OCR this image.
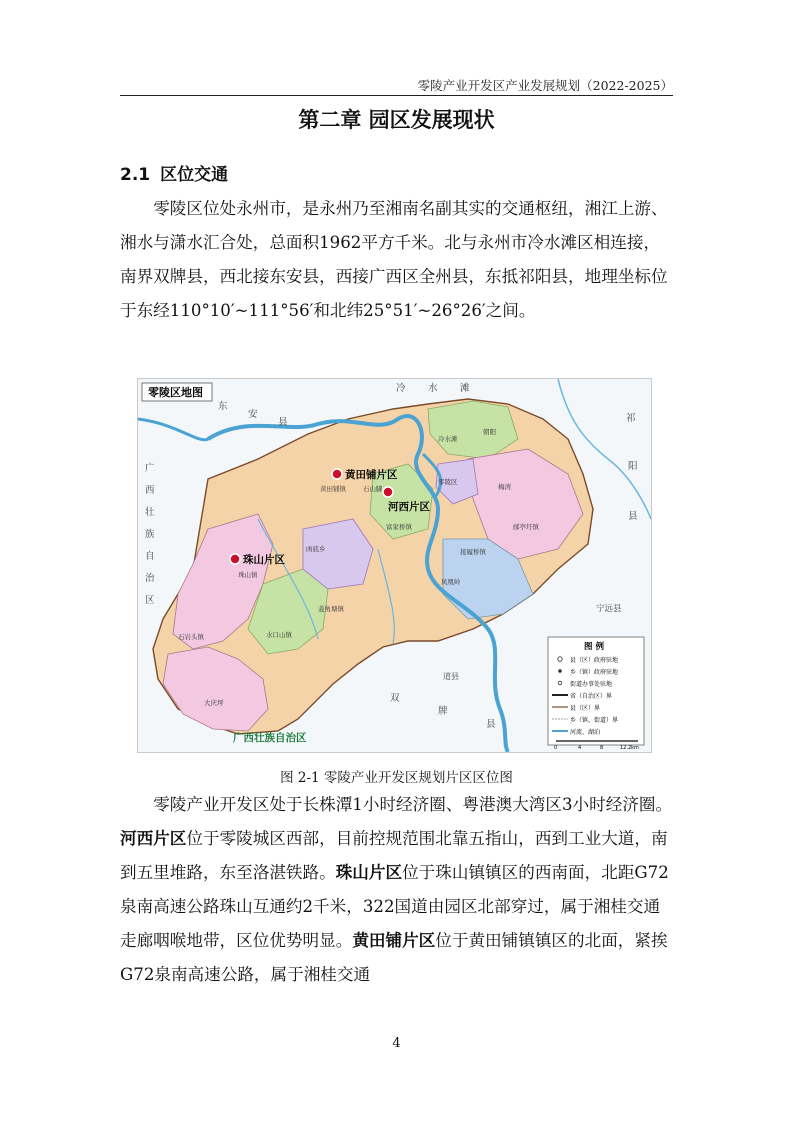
零陵产业开发区产业发展规划（2022-2025）
第二章 园区发展现状
2.1 区位交通

零陵区位处永州市，是永州乃至湘南名副其实的交通枢纽，湘江上游、湘水与潇水汇合处，总面积1962平方千米。北与永州市冷水滩区相连接，南界双牌县，西北接东安县，西接广西区全州县，东抵祁阳县，地理坐标位于东经110°10′~111°56′和北纬25°51′~26°26′之间。

零陵区地图
黄田铺片区
河西片区
珠山片区
东
安
县
冷 水 滩
祁
阳
县
广
西
壮
族
自
治
区
双
牌
县
宁远县
道县
广西壮族自治区
冷水滩
朝阳
石山脚
富家桥镇
黄田铺镇
珠山镇
石岩头镇
大庆坪
零陵区
梅湾
接履桥镇
水口山镇
邮亭圩镇
凼底乡
菱角塘镇
凤凰岭
图 例
县（区）政府驻地
乡（镇）政府驻地
街道办事处驻地
省（自治区）界
县（区）界
乡（镇、街道）界
河流、湖泊
0	4	8	12.2km
图 2-1 零陵产业开发区规划片区区位图

零陵产业开发区处于长株潭1小时经济圈、粤港澳大湾区3小时经济圈。河西片区位于零陵城区西部，目前控规范围北靠五指山，西到工业大道，南到五里堆路，东至洛湛铁路。珠山片区位于珠山镇镇区的西南面，北距G72泉南高速公路珠山互通约2千米，322国道由园区北部穿过，属于湘桂交通走廊咽喉地带，区位优势明显。黄田铺片区位于黄田铺镇镇区的北面，紧挨G72泉南高速公路，属于湘桂交通

4
